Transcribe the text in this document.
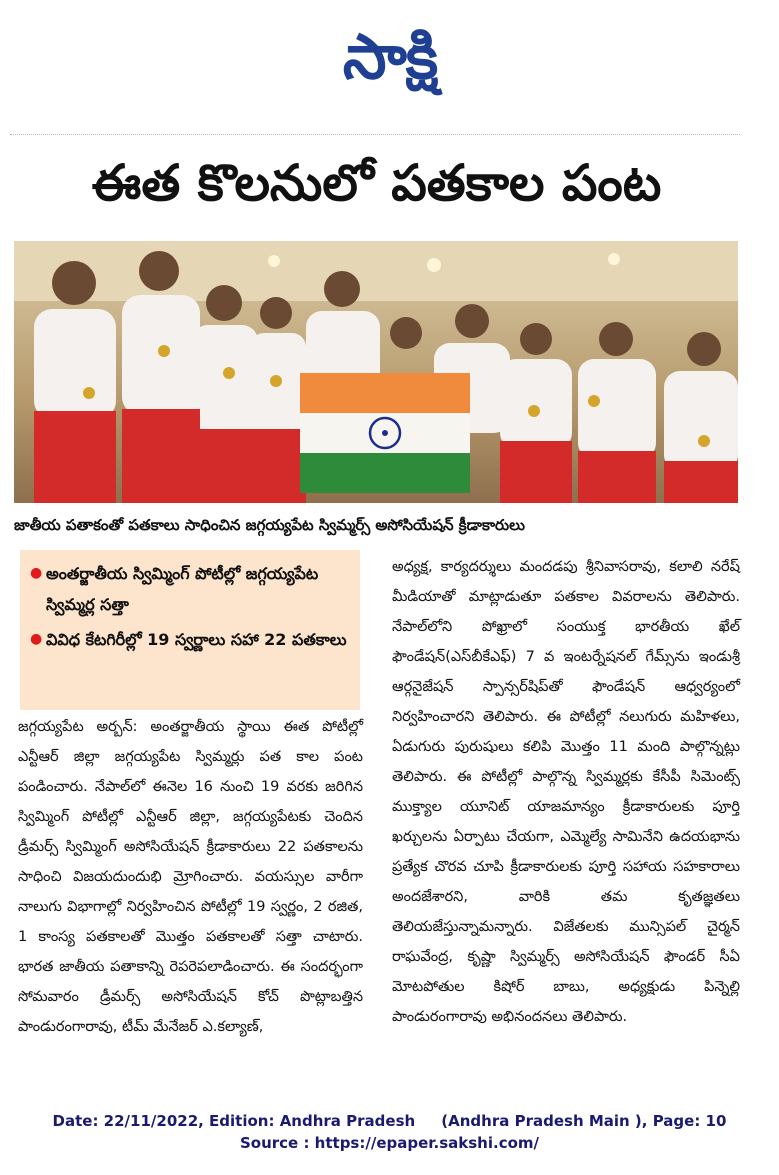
సాక్షి
ఈత కొలనులో పతకాల పంట
జాతీయ పతాకంతో పతకాలు సాధించిన జగ్గయ్యపేట స్విమ్మర్స్ అసోసియేషన్ క్రీడాకారులు
● అంతర్జాతీయ స్విమ్మింగ్ పోటీల్లో జగ్గయ్యపేట స్విమ్మర్ల సత్తా
● వివిధ కేటగిరీల్లో 19 స్వర్ణాలు సహా 22 పతకాలు

జగ్గయ్యపేట అర్బన్: అంతర్జాతీయ స్థాయి ఈత పోటీల్లో ఎన్టీఆర్ జిల్లా జగ్గయ్యపేట స్విమ్మర్లు పత కాల పంట పండించారు. నేపాల్‌లో ఈనెల 16 నుంచి 19 వరకు జరిగిన స్విమ్మింగ్ పోటీల్లో ఎన్టీఆర్ జిల్లా, జగ్గయ్యపేటకు చెందిన డ్రీమర్స్ స్విమ్మింగ్ అసోసియేషన్ క్రీడాకారులు 22 పతకాలను సాధించి విజయదుందుభి మ్రోగించారు. వయస్సుల వారీగా నాలుగు విభాగాల్లో నిర్వహించిన పోటీల్లో 19 స్వర్ణం, 2 రజిత, 1 కాంస్య పతకాలతో మొత్తం పతకాలతో సత్తా చాటారు. భారత జాతీయ పతాకాన్ని రెపరెపలాడించారు. ఈ సందర్భంగా సోమవారం డ్రీమర్స్ అసోసియేషన్ కోచ్ పొట్లాబత్తిన పాండురంగారావు, టీమ్ మేనేజర్ ఎ.కల్యాణ్,

అధ్యక్ష, కార్యదర్శులు మందడపు శ్రీనివాసరావు, కలాలి నరేష్ మీడియాతో మాట్లాడుతూ పతకాల వివరాలను తెలిపారు. నేపాల్‌లోని పోఖ్రాలో సంయుక్త భారతీయ ఖేల్ ఫౌండేషన్(ఎస్‌బీకేఎఫ్) 7 వ ఇంటర్నేషనల్ గేమ్స్‌ను ఇండుశ్రీ ఆర్గనైజేషన్ స్పాన్సర్‌షిప్‌తో ఫౌండేషన్ ఆధ్వర్యంలో నిర్వహించారని తెలిపారు. ఈ పోటీల్లో నలుగురు మహిళలు, ఏడుగురు పురుషులు కలిపి మొత్తం 11 మంది పాల్గొన్నట్లు తెలిపారు. ఈ పోటీల్లో పాల్గొన్న స్విమ్మర్లకు కేసీపీ సిమెంట్స్ ముక్త్యాల యూనిట్ యాజమాన్యం క్రీడాకారులకు పూర్తి ఖర్చులను ఏర్పాటు చేయగా, ఎమ్మెల్యే సామినేని ఉదయభాను ప్రత్యేక చొరవ చూపి క్రీడాకారులకు పూర్తి సహాయ సహకారాలు అందజేశారని, వారికి తమ కృతజ్ఞతలు తెలియజేస్తున్నామన్నారు. విజేతలకు మున్సిపల్ చైర్మన్ రాఘవేంద్ర, కృష్ణా స్విమ్మర్స్ అసోసియేషన్ ఫౌండర్ సీఏ మోటపోతుల కిషోర్ బాబు, అధ్యక్షుడు పిన్నెల్లి పాండురంగారావు అభినందనలు తెలిపారు.

Date: 22/11/2022, Edition: Andhra Pradesh     (Andhra Pradesh Main ), Page: 10
Source : https://epaper.sakshi.com/
